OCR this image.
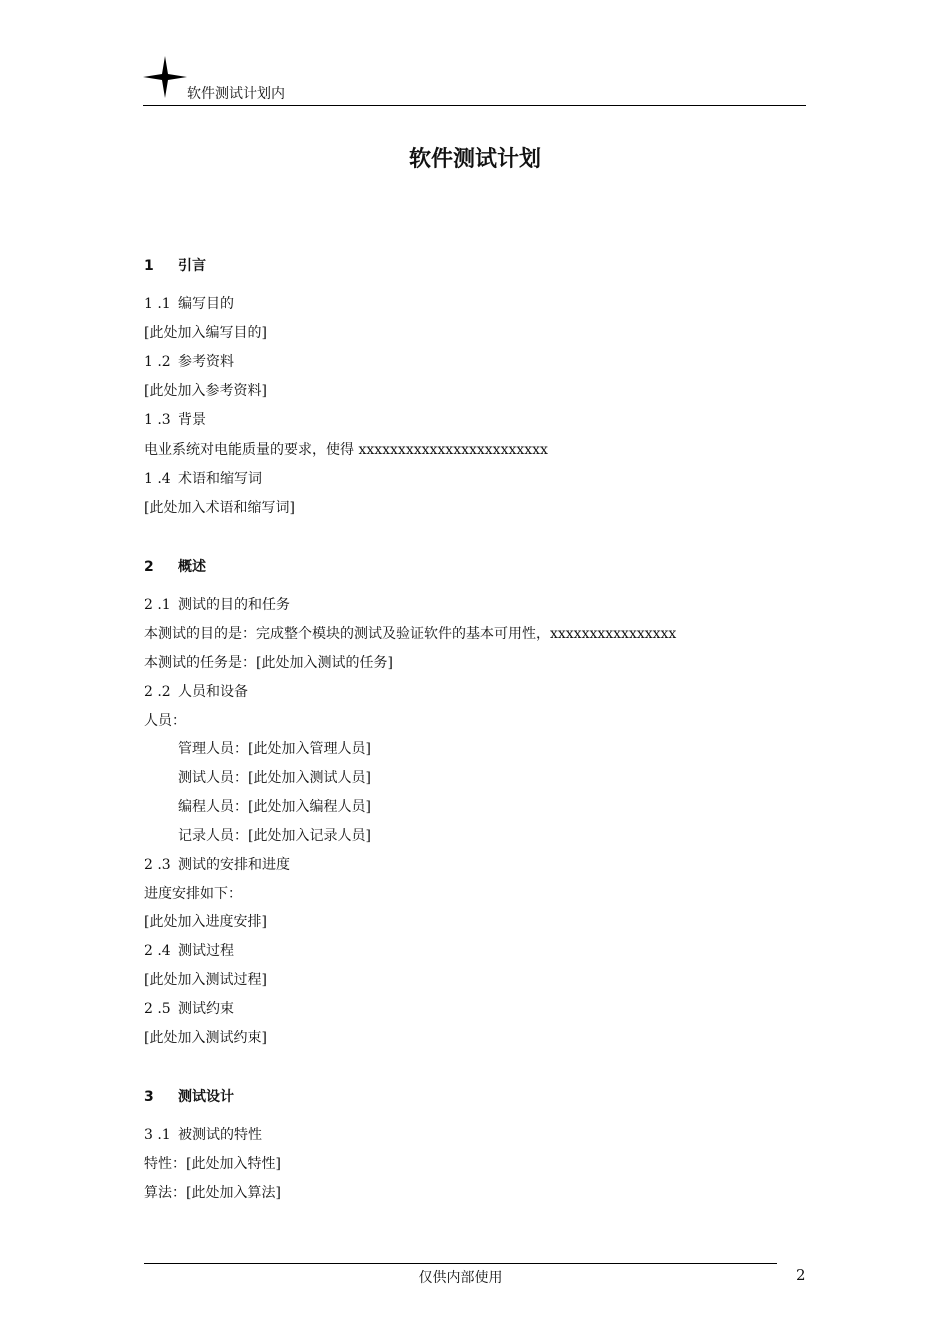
软件测试计划内
软件测试计划
1 引言
1 .1 编写目的
[此处加入编写目的]
1 .2 参考资料
[此处加入参考资料]
1 .3 背景
电业系统对电能质量的要求，使得 xxxxxxxxxxxxxxxxxxxxxxxx
1 .4 术语和缩写词
[此处加入术语和缩写词]
2 概述
2 .1 测试的目的和任务
本测试的目的是：完成整个模块的测试及验证软件的基本可用性，xxxxxxxxxxxxxxxx
本测试的任务是：[此处加入测试的任务]
2 .2 人员和设备
人员：
管理人员：[此处加入管理人员]
测试人员：[此处加入测试人员]
编程人员：[此处加入编程人员]
记录人员：[此处加入记录人员]
2 .3 测试的安排和进度
进度安排如下：
[此处加入进度安排]
2 .4 测试过程
[此处加入测试过程]
2 .5 测试约束
[此处加入测试约束]
3 测试设计
3 .1 被测试的特性
特性：[此处加入特性]
算法：[此处加入算法]
仅供内部使用	2
